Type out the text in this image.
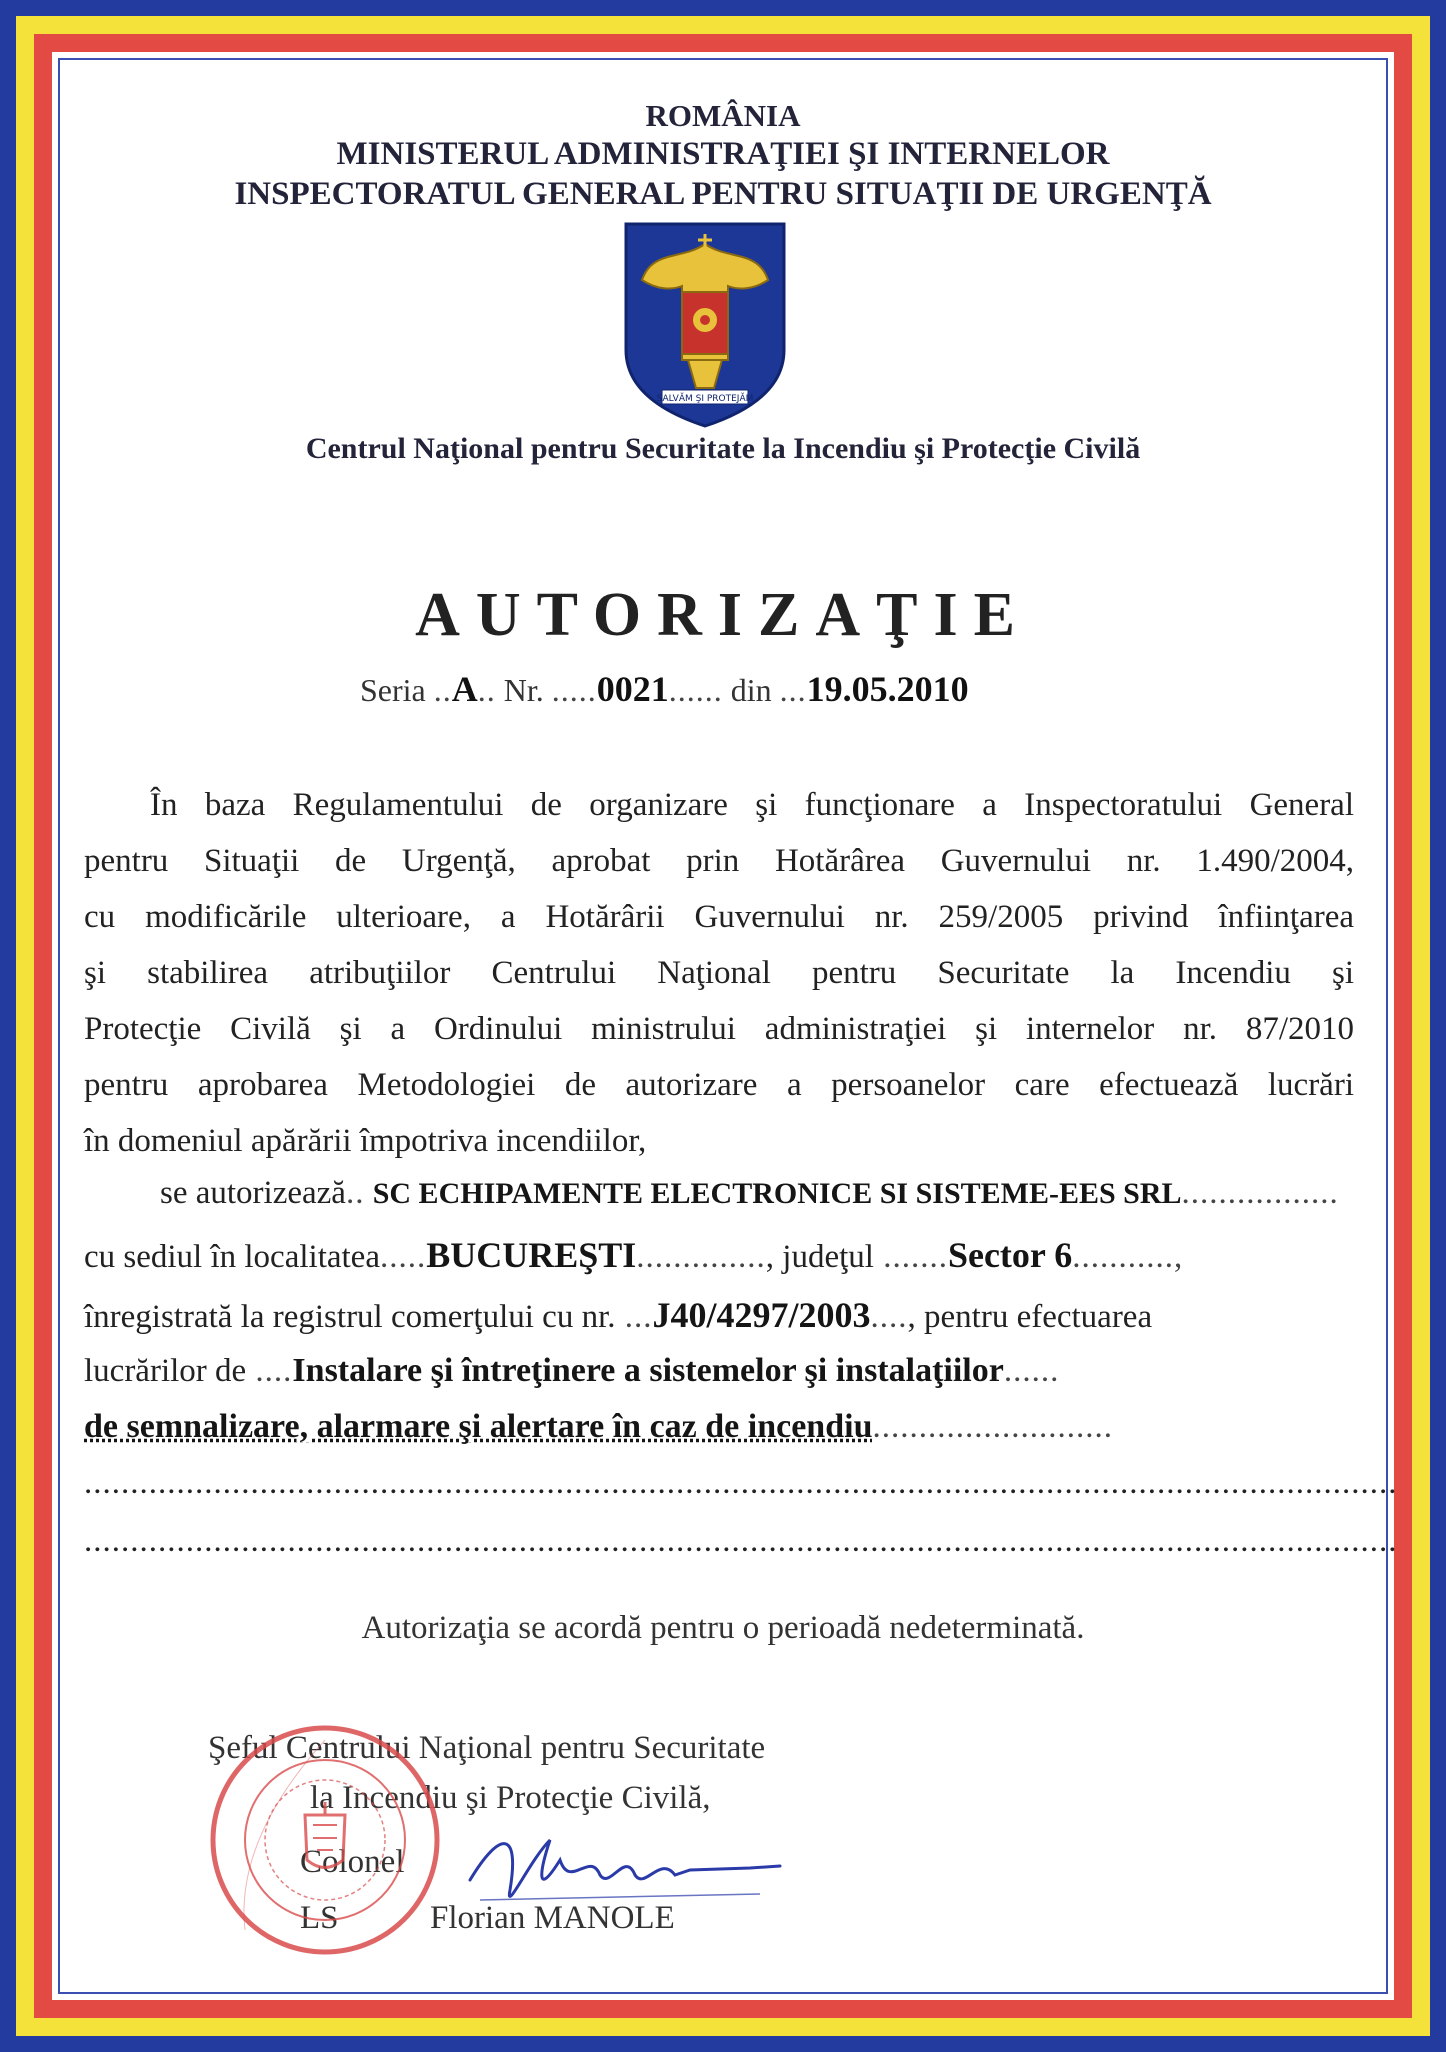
ROMÂNIA
MINISTERUL ADMINISTRAŢIEI ŞI INTERNELOR
INSPECTORATUL GENERAL PENTRU SITUAŢII DE URGENŢĂ
SALVĂM ŞI PROTEJĂM
Centrul Naţional pentru Securitate la Incendiu şi Protecţie Civilă
AUTORIZAŢIE
Seria ..A.. Nr. .....0021...... din ...19.05.2010
În baza Regulamentului de organizare şi funcţionare a Inspectoratului General
pentru Situaţii de Urgenţă, aprobat prin Hotărârea Guvernului nr. 1.490/2004,
cu modificările ulterioare, a Hotărârii Guvernului nr. 259/2005 privind înfiinţarea
şi stabilirea atribuţiilor Centrului Naţional pentru Securitate la Incendiu şi
Protecţie Civilă şi a Ordinului ministrului administraţiei şi internelor nr. 87/2010
pentru aprobarea Metodologiei de autorizare a persoanelor care efectuează lucrări
în domeniul apărării împotriva incendiilor,
se autorizează.. SC ECHIPAMENTE ELECTRONICE SI SISTEME-EES SRL.................
cu sediul în localitatea.....BUCUREŞTI.............., judeţul .......Sector 6...........,
înregistrată la registrul comerţului cu nr. ...J40/4297/2003...., pentru efectuarea
lucrărilor de ....Instalare şi întreţinere a sistemelor şi instalaţiilor......
de semnalizare, alarmare şi alertare în caz de incendiu..........................
..............................................................................................................................................
..............................................................................................................................................
Autorizaţia se acordă pentru o perioadă nedeterminată.
Şeful Centrului Naţional pentru Securitate
la Incendiu şi Protecţie Civilă,
Colonel
LS	Florian MANOLE
